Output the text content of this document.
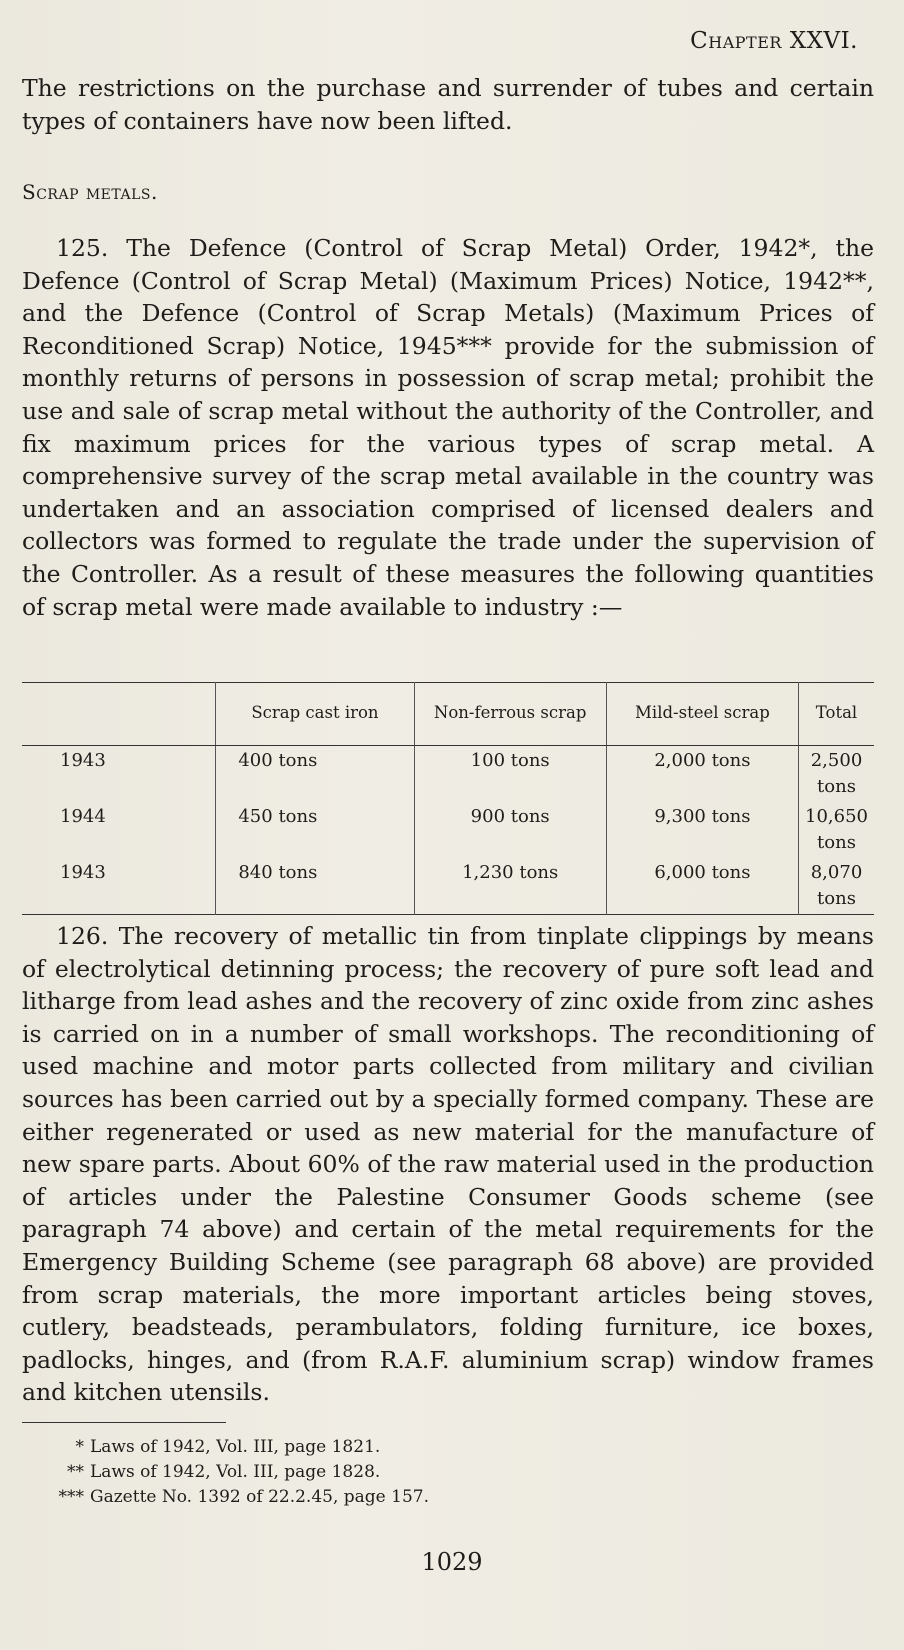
Chapter XXVI.

The restrictions on the purchase and surrender of tubes and certain types of containers have now been lifted.

Scrap metals.

125. The Defence (Control of Scrap Metal) Order, 1942*, the Defence (Control of Scrap Metal) (Maximum Prices) Notice, 1942**, and the Defence (Control of Scrap Metals) (Maximum Prices of Reconditioned Scrap) Notice, 1945*** provide for the submission of monthly returns of persons in possession of scrap metal; prohibit the use and sale of scrap metal without the authority of the Controller, and fix maximum prices for the various types of scrap metal. A comprehensive survey of the scrap metal available in the country was undertaken and an association comprised of licensed dealers and collectors was formed to regulate the trade under the supervision of the Controller. As a result of these measures the following quantities of scrap metal were made available to industry :—

	Scrap cast iron	Non-ferrous scrap	Mild-steel scrap	Total
1943	400 tons	100 tons	2,000 tons	2,500 tons
1944	450 tons	900 tons	9,300 tons	10,650 tons
1943	840 tons	1,230 tons	6,000 tons	8,070 tons

126. The recovery of metallic tin from tinplate clippings by means of electrolytical detinning process; the recovery of pure soft lead and litharge from lead ashes and the recovery of zinc oxide from zinc ashes is carried on in a number of small workshops. The reconditioning of used machine and motor parts collected from military and civilian sources has been carried out by a specially formed company. These are either regenerated or used as new material for the manufacture of new spare parts. About 60% of the raw material used in the production of articles under the Palestine Consumer Goods scheme (see paragraph 74 above) and certain of the metal requirements for the Emergency Building Scheme (see paragraph 68 above) are provided from scrap materials, the more important articles being stoves, cutlery, beadsteads, perambulators, folding furniture, ice boxes, padlocks, hinges, and (from R.A.F. aluminium scrap) window frames and kitchen utensils.

* Laws of 1942, Vol. III, page 1821.
** Laws of 1942, Vol. III, page 1828.
*** Gazette No. 1392 of 22.2.45, page 157.
1029
